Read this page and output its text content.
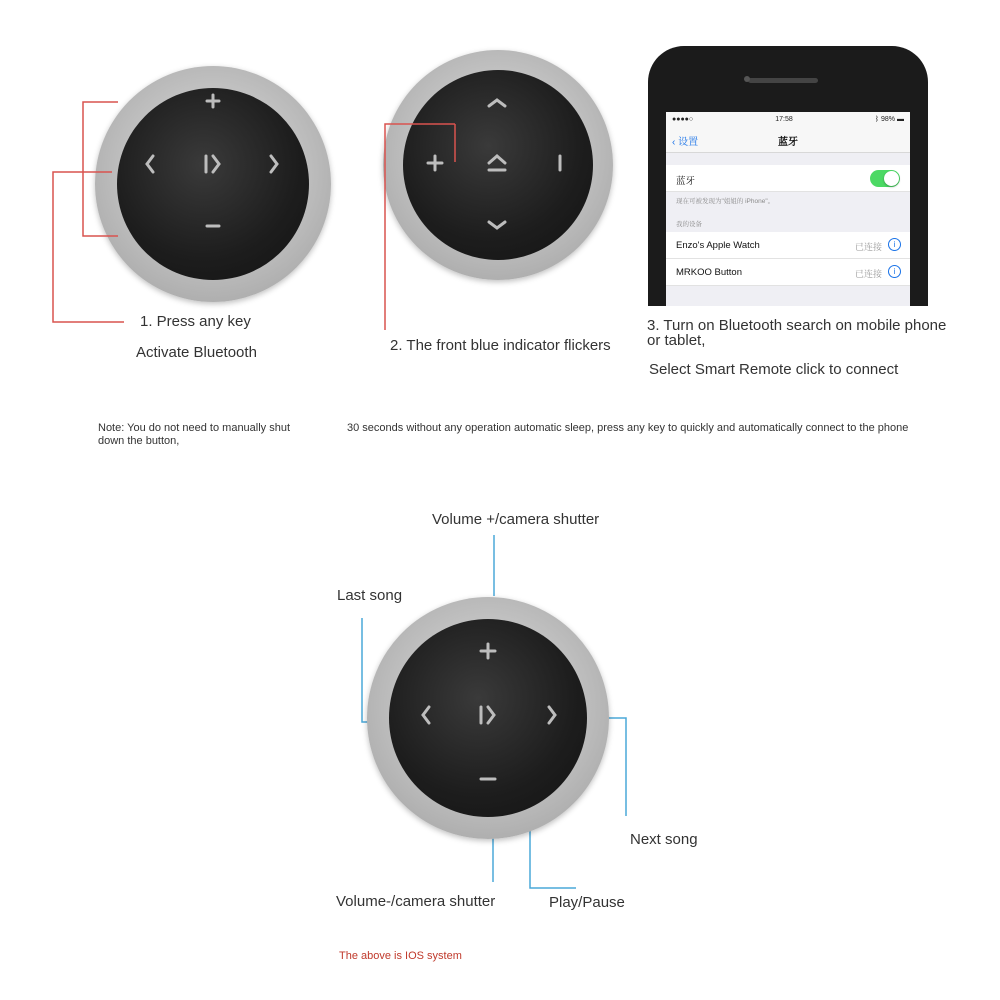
●●●●○	17:58	ᛒ 98% ▬
‹ 设置	蓝牙
蓝牙
现在可被发现为"姐姐的 iPhone"。
我的设备
Enzo's Apple Watch	已连接	i
MRKOO Button	已连接	i
1. Press any key
Activate Bluetooth	2. The front blue indicator flickers
3. Turn on Bluetooth search on mobile phone
or tablet,
Select Smart Remote click to connect
Note: You do not need to manually shut down the button,
30 seconds without any operation automatic sleep, press any key to quickly and automatically connect to the phone
Volume +/camera shutter
Last song
Next song
Volume-/camera shutter	Play/Pause
The above is IOS system
